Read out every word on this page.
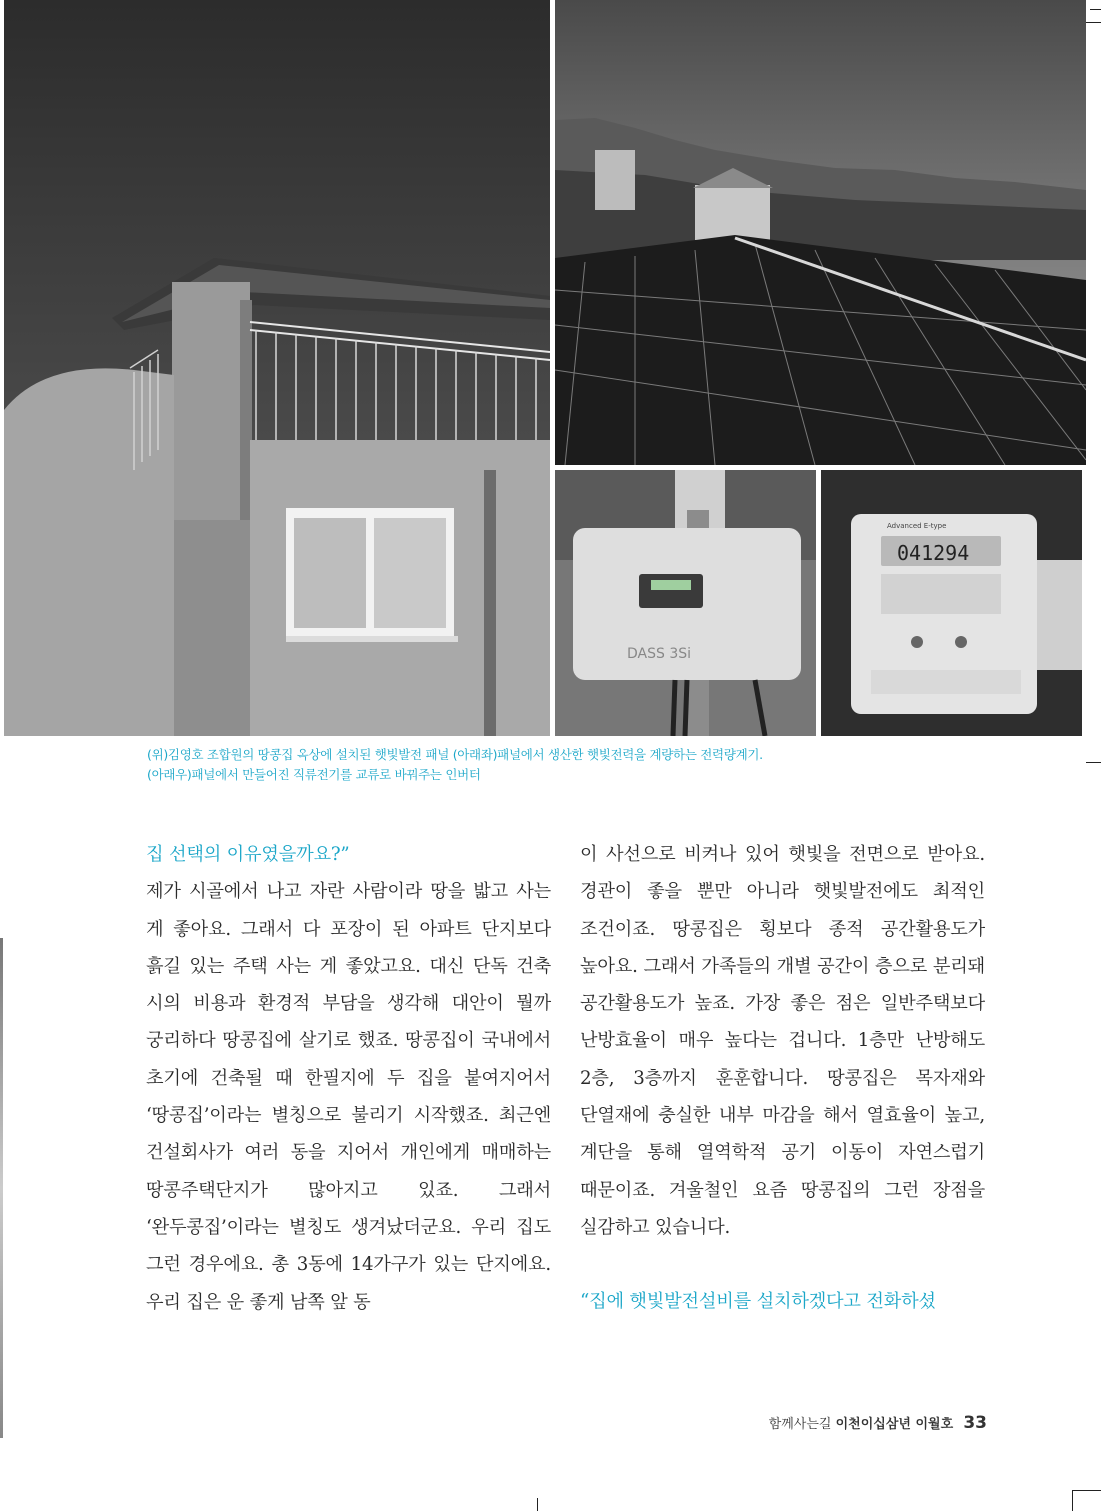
DASS 3Si
Advanced E-type
041294
(위)김영호 조합원의 땅콩집 옥상에 설치된 햇빛발전 패널 (아래좌)패널에서 생산한 햇빛전력을 계량하는 전력량계기.
(아래우)패널에서 만들어진 직류전기를 교류로 바꿔주는 인버터

집 선택의 이유였을까요?”

제가 시골에서 나고 자란 사람이라 땅을 밟고 사는 게 좋아요. 그래서 다 포장이 된 아파트 단지보다 흙길 있는 주택 사는 게 좋았고요. 대신 단독 건축 시의 비용과 환경적 부담을 생각해 대안이 뭘까 궁리하다 땅콩집에 살기로 했죠. 땅콩집이 국내에서 초기에 건축될 때 한필지에 두 집을 붙여지어서 ‘땅콩집’이라는 별칭으로 불리기 시작했죠. 최근엔 건설회사가 여러 동을 지어서 개인에게 매매하는 땅콩주택단지가 많아지고 있죠. 그래서 ‘완두콩집’이라는 별칭도 생겨났더군요. 우리 집도 그런 경우에요. 총 3동에 14가구가 있는 단지에요. 우리 집은 운 좋게 남쪽 앞 동

이 사선으로 비켜나 있어 햇빛을 전면으로 받아요. 경관이 좋을 뿐만 아니라 햇빛발전에도 최적인 조건이죠. 땅콩집은 횡보다 종적 공간활용도가 높아요. 그래서 가족들의 개별 공간이 층으로 분리돼 공간활용도가 높죠. 가장 좋은 점은 일반주택보다 난방효율이 매우 높다는 겁니다. 1층만 난방해도 2층, 3층까지 훈훈합니다. 땅콩집은 목자재와 단열재에 충실한 내부 마감을 해서 열효율이 높고, 계단을 통해 열역학적 공기 이동이 자연스럽기 때문이죠. 겨울철인 요즘 땅콩집의 그런 장점을 실감하고 있습니다.

“집에 햇빛발전설비를 설치하겠다고 전화하셨

함께사는길 이천이십삼년 이월호 33
